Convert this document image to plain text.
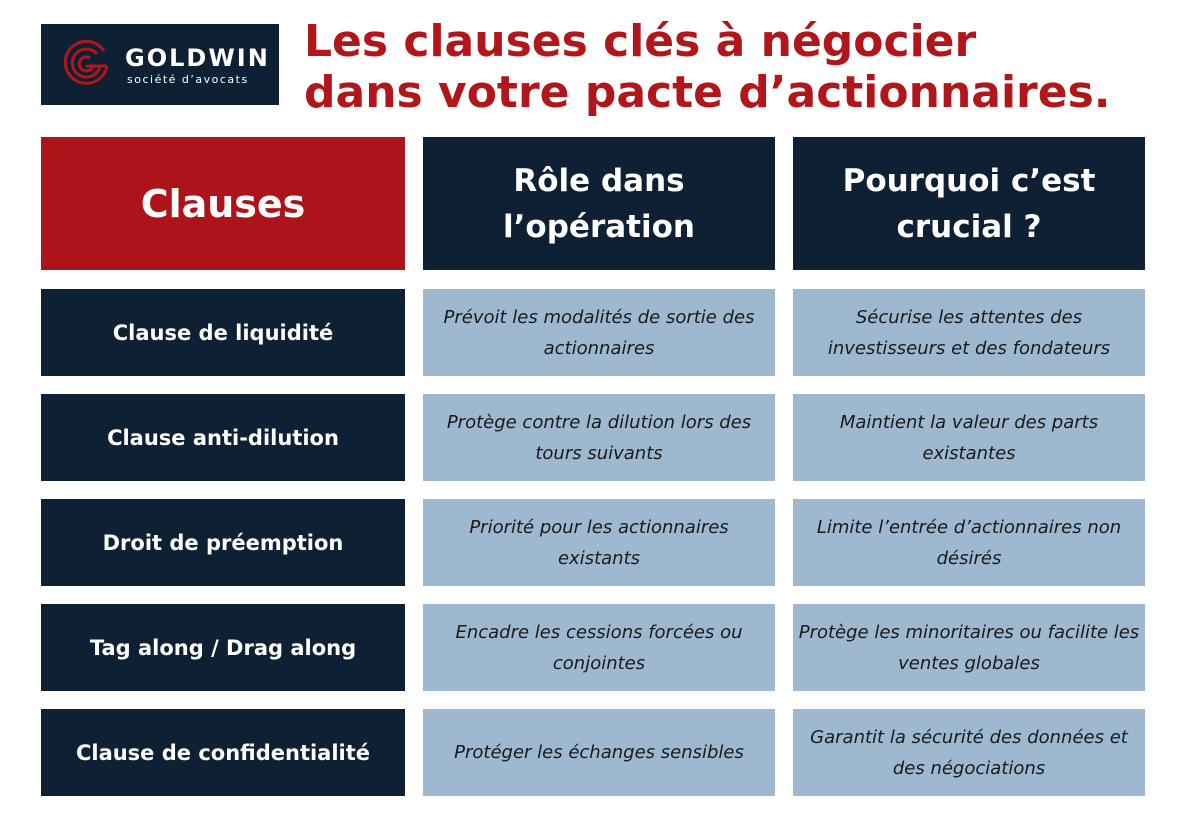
GOLDWIN
société d’avocats
Les clauses clés à négocier
dans votre pacte d’actionnaires.
Clauses
Rôle dans
l’opération
Pourquoi c’est
crucial ?
Clause de liquidité
Prévoit les modalités de sortie des actionnaires
Sécurise les attentes des investisseurs et des fondateurs
Clause anti-dilution
Protège contre la dilution lors des tours suivants
Maintient la valeur des parts existantes
Droit de préemption
Priorité pour les actionnaires existants
Limite l’entrée d’actionnaires non désirés
Tag along / Drag along
Encadre les cessions forcées ou conjointes
Protège les minoritaires ou facilite les ventes globales
Clause de confidentialité	Protéger les échanges sensibles
Garantit la sécurité des données et des négociations
